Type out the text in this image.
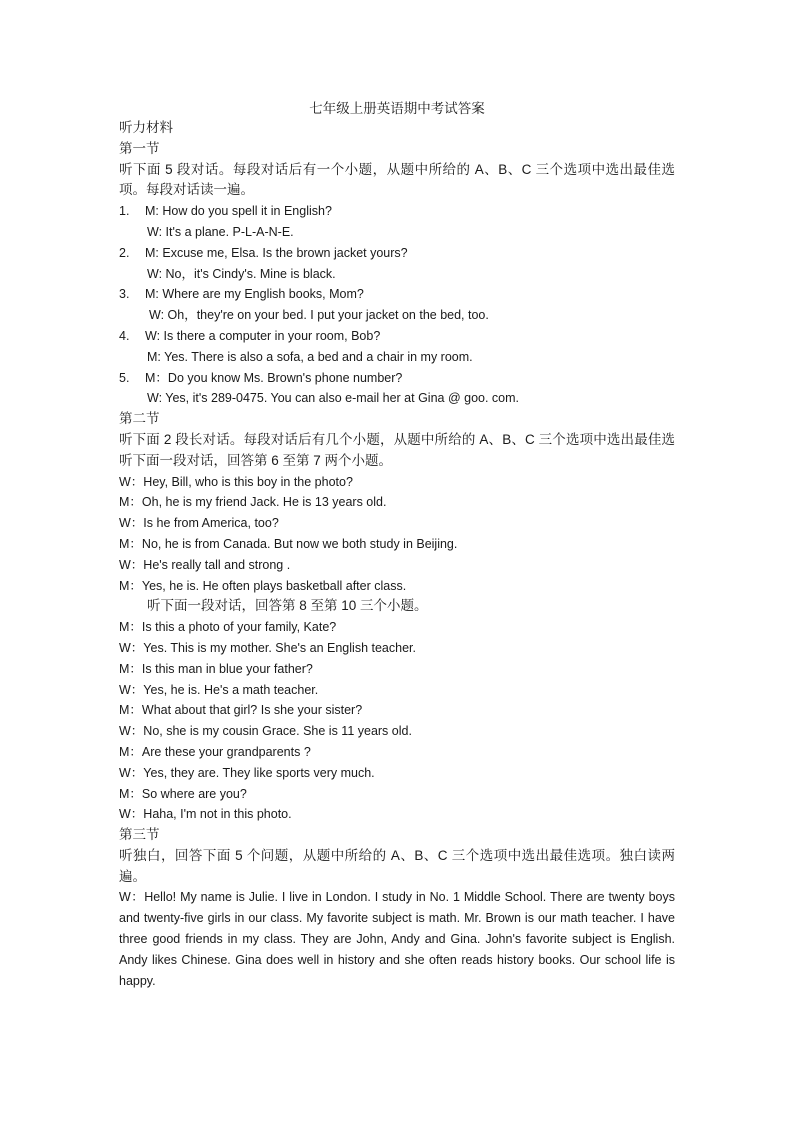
七年级上册英语期中考试答案
听力材料
第一节
听下面 5 段对话。每段对话后有一个小题，从题中所给的 A、B、C 三个选项中选出最佳选项。每段对话读一遍。
1. M: How do you spell it in English?
W: It's a plane. P-L-A-N-E.
2. M: Excuse me, Elsa. Is the brown jacket yours?
W: No，it's Cindy's. Mine is black.
3. M: Where are my English books, Mom?
W: Oh，they're on your bed. I put your jacket on the bed, too.
4. W: Is there a computer in your room, Bob?
M: Yes. There is also a sofa, a bed and a chair in my room.
5. M：Do you know Ms. Brown's phone number?
W: Yes, it's 289-0475. You can also e-mail her at Gina @ goo. com.
第二节
听下面 2 段长对话。每段对话后有几个小题，从题中所给的 A、B、C 三个选项中选出最佳选听下面一段对话，回答第 6 至第 7 两个小题。
W：Hey, Bill, who is this boy in the photo?
M：Oh, he is my friend Jack. He is 13 years old.
W：Is he from America, too?
M：No, he is from Canada. But now we both study in Beijing.
W：He's really tall and strong .
M：Yes, he is. He often plays basketball after class.
听下面一段对话，回答第 8 至第 10 三个小题。
M：Is this a photo of your family, Kate?
W：Yes. This is my mother. She's an English teacher.
M：Is this man in blue your father?
W：Yes, he is. He's a math teacher.
M：What about that girl? Is she your sister?
W：No, she is my cousin Grace. She is 11 years old.
M：Are these your grandparents ?
W：Yes, they are. They like sports very much.
M：So where are you?
W：Haha, I'm not in this photo.
第三节
听独白，回答下面 5 个问题，从题中所给的 A、B、C 三个选项中选出最佳选项。独白读两遍。
W：Hello! My name is Julie. I live in London. I study in No. 1 Middle School. There are twenty boys and twenty-five girls in our class. My favorite subject is math. Mr. Brown is our math teacher. I have three good friends in my class. They are John, Andy and Gina. John's favorite subject is English. Andy likes Chinese. Gina does well in history and she often reads history books. Our school life is happy.
